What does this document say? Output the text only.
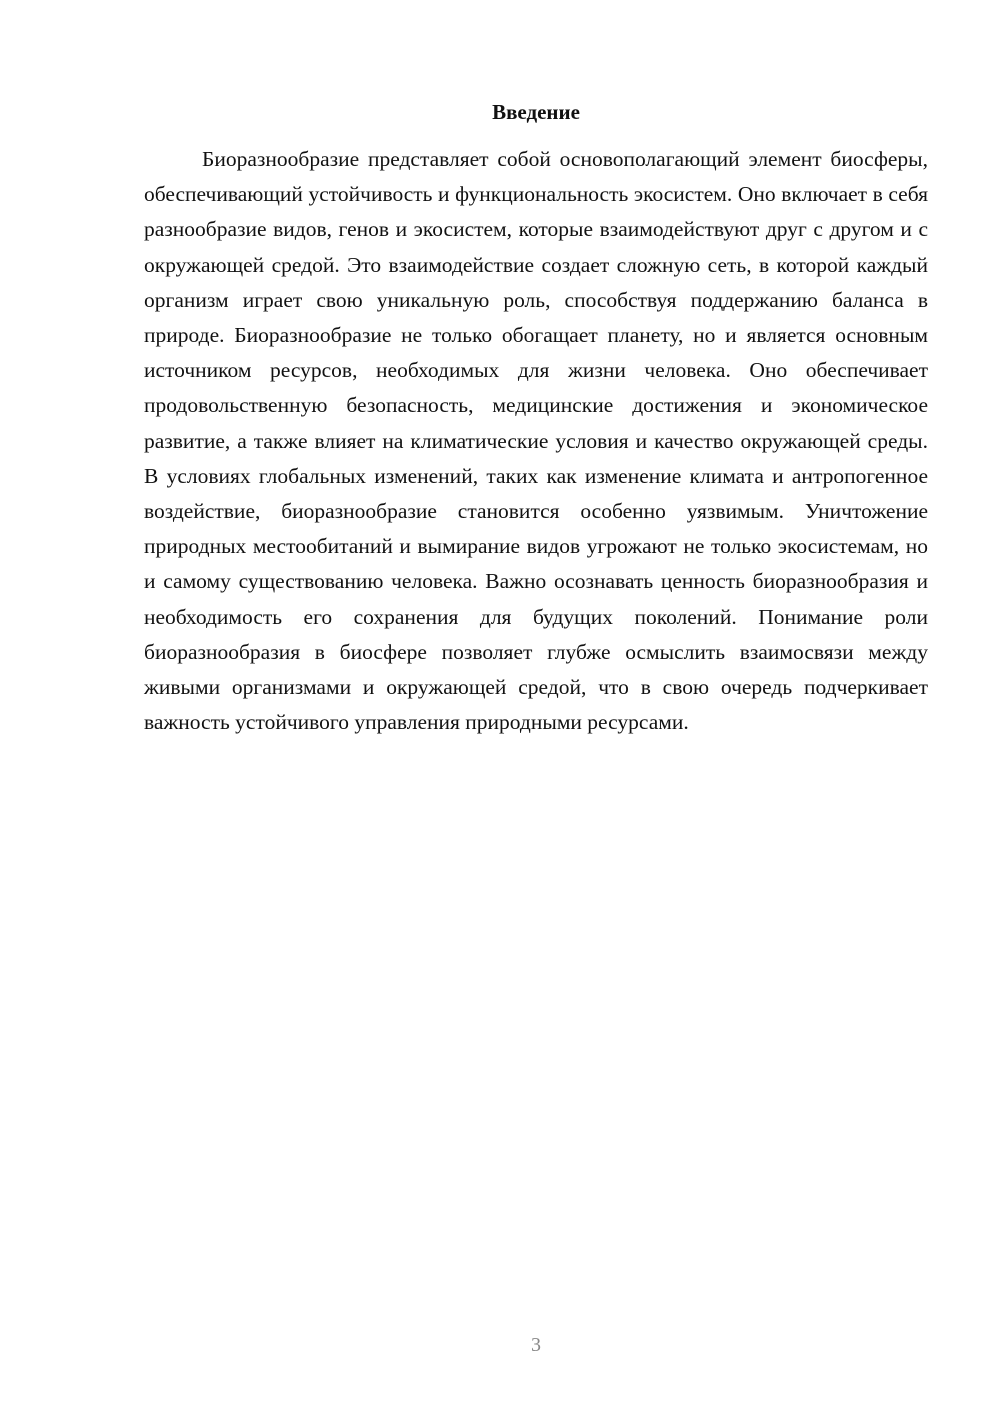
Введение

Биоразнообразие представляет собой основополагающий элемент биосферы, обеспечивающий устойчивость и функциональность экосистем. Оно включает в себя разнообразие видов, генов и экосистем, которые взаимодействуют друг с другом и с окружающей средой. Это взаимодействие создает сложную сеть, в которой каждый организм играет свою уникальную роль, способствуя поддержанию баланса в природе. Биоразнообразие не только обогащает планету, но и является основным источником ресурсов, необходимых для жизни человека. Оно обеспечивает продовольственную безопасность, медицинские достижения и экономическое развитие, а также влияет на климатические условия и качество окружающей среды. В условиях глобальных изменений, таких как изменение климата и антропогенное воздействие, биоразнообразие становится особенно уязвимым. Уничтожение природных местообитаний и вымирание видов угрожают не только экосистемам, но и самому существованию человека. Важно осознавать ценность биоразнообразия и необходимость его сохранения для будущих поколений. Понимание роли биоразнообразия в биосфере позволяет глубже осмыслить взаимосвязи между живыми организмами и окружающей средой, что в свою очередь подчеркивает важность устойчивого управления природными ресурсами.

3
